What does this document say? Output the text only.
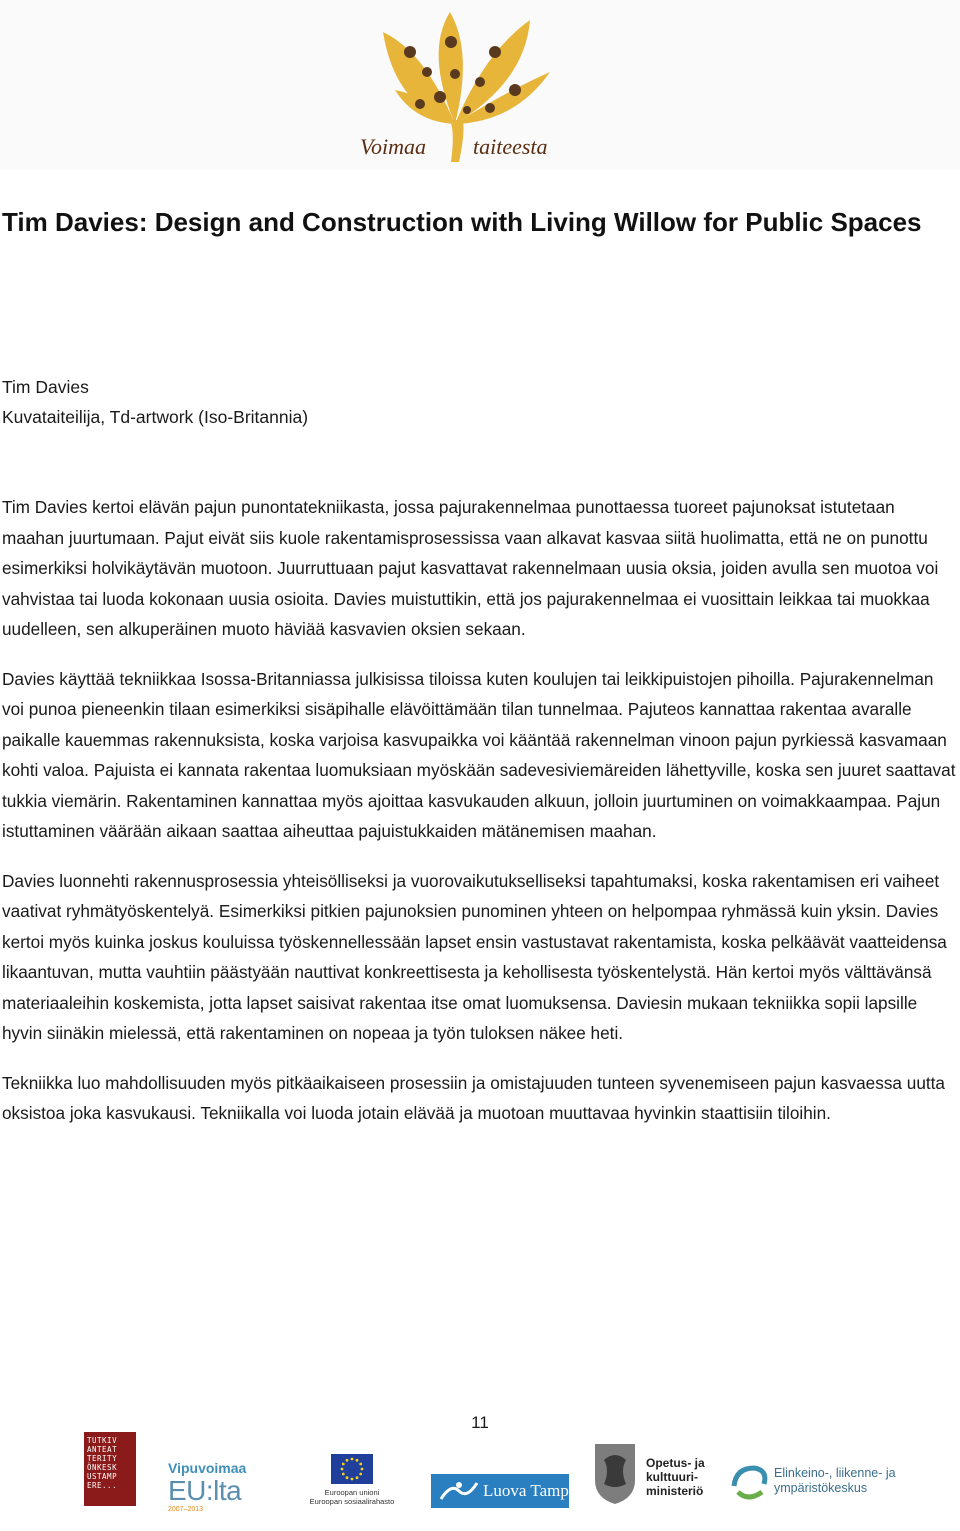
Voimaa taiteesta
Tim Davies: Design and Construction with Living Willow for Public Spaces
Tim Davies
Kuvataiteilija, Td-artwork (Iso-Britannia)

Tim Davies kertoi elävän pajun punontatekniikasta, jossa pajurakennelmaa punottaessa tuoreet pajunoksat istutetaan maahan juurtumaan. Pajut eivät siis kuole rakentamisprosessissa vaan alkavat kasvaa siitä huolimatta, että ne on punottu esimerkiksi holvikäytävän muotoon. Juurruttuaan pajut kasvattavat rakennelmaan uusia oksia, joiden avulla sen muotoa voi vahvistaa tai luoda kokonaan uusia osioita. Davies muistuttikin, että jos pajurakennelmaa ei vuosittain leikkaa tai muokkaa uudelleen, sen alkuperäinen muoto häviää kasvavien oksien sekaan.

Davies käyttää tekniikkaa Isossa-Britanniassa julkisissa tiloissa kuten koulujen tai leikkipuistojen pihoilla. Pajurakennelman voi punoa pieneenkin tilaan esimerkiksi sisäpihalle elävöittämään tilan tunnelmaa. Pajuteos kannattaa rakentaa avaralle paikalle kauemmas rakennuksista, koska varjoisa kasvupaikka voi kääntää rakennelman vinoon pajun pyrkiessä kasvamaan kohti valoa. Pajuista ei kannata rakentaa luomuksiaan myöskään sadevesiviemäreiden lähettyville, koska sen juuret saattavat tukkia viemärin. Rakentaminen kannattaa myös ajoittaa kasvukauden alkuun, jolloin juurtuminen on voimakkaampaa. Pajun istuttaminen väärään aikaan saattaa aiheuttaa pajuistukkaiden mätänemisen maahan.

Davies luonnehti rakennusprosessia yhteisölliseksi ja vuorovaikutukselliseksi tapahtumaksi, koska rakentamisen eri vaiheet vaativat ryhmätyöskentelyä. Esimerkiksi pitkien pajunoksien punominen yhteen on helpompaa ryhmässä kuin yksin. Davies kertoi myös kuinka joskus kouluissa työskennellessään lapset ensin vastustavat rakentamista, koska pelkäävät vaatteidensa likaantuvan, mutta vauhtiin päästyään nauttivat konkreettisesta ja kehollisesta työskentelystä. Hän kertoi myös välttävänsä materiaaleihin koskemista, jotta lapset saisivat rakentaa itse omat luomuksensa. Daviesin mukaan tekniikka sopii lapsille hyvin siinäkin mielessä, että rakentaminen on nopeaa ja työn tuloksen näkee heti.

Tekniikka luo mahdollisuuden myös pitkäaikaiseen prosessiin ja omistajuuden tunteen syvenemiseen pajun kasvaessa uutta oksistoa joka kasvukausi. Tekniikalla voi luoda jotain elävää ja muotoan muuttavaa hyvinkin staattisiin tiloihin.

11
TUTKIV
ANTEAT
TERITY
ÖNKESK
USTAMP
ERE...
Vipuvoimaa
EU:lta
2007–2013
Euroopan unioni
Euroopan sosiaalirahasto
Luova Tampere
Opetus- ja
kulttuuri-
ministeriö
Elinkeino-, liikenne- ja
ympäristökeskus
